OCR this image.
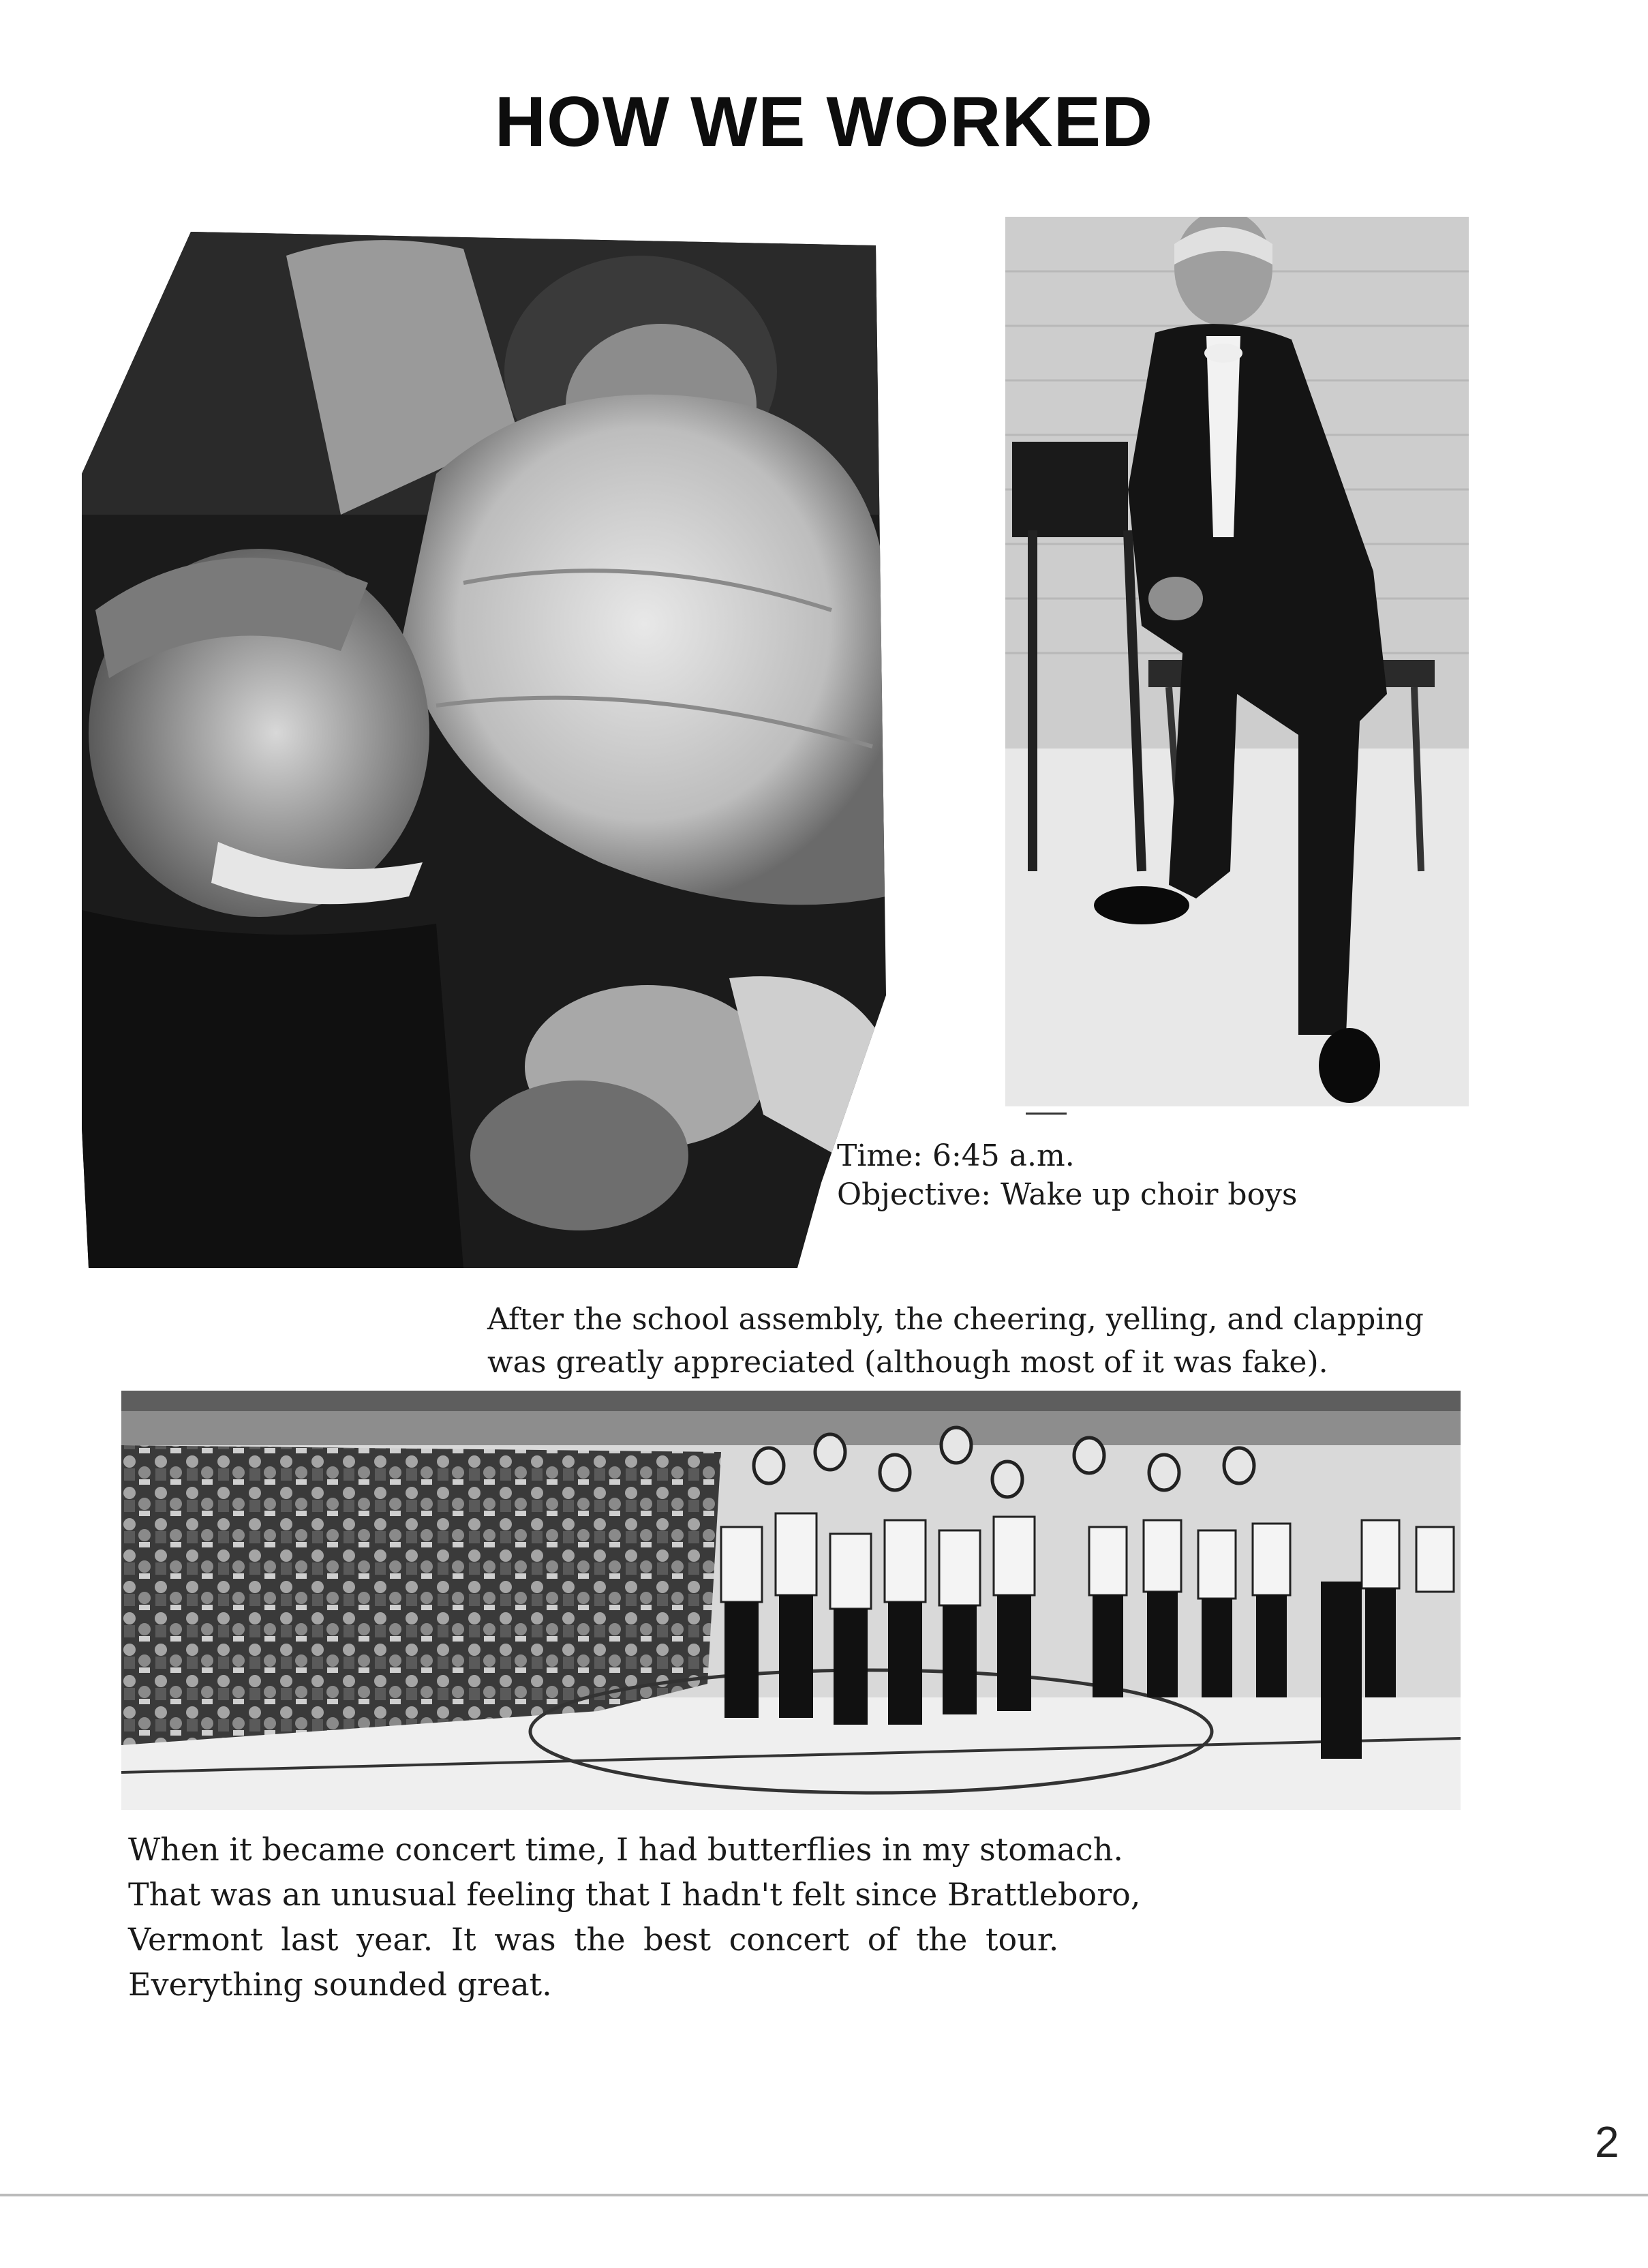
HOW WE WORKED
Time: 6:45 a.m.
Objective: Wake up choir boys
After the school assembly, the cheering, yelling, and clapping
was greatly appreciated (although most of it was fake).
When it became concert time, I had butterflies in my stomach.
That was an unusual feeling that I hadn't felt since Brattleboro,
Vermont last year. It was the best concert of the tour.
Everything sounded great.
2
